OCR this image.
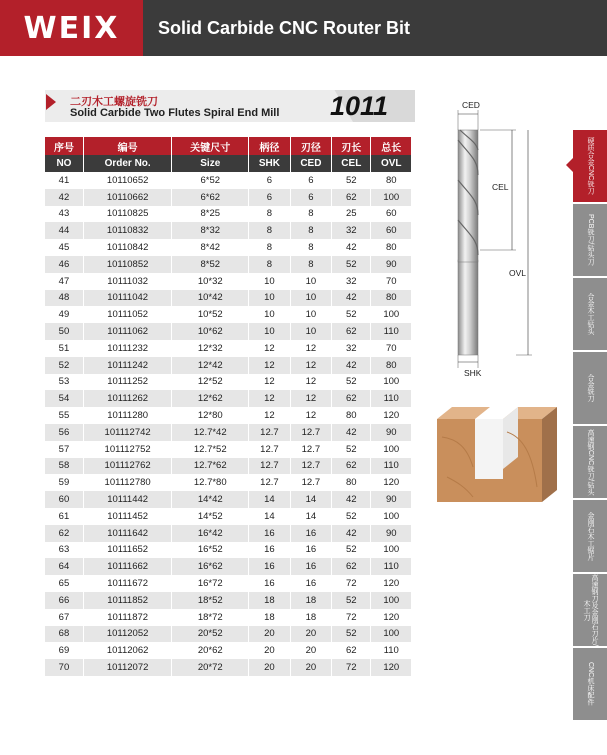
WEIX Solid Carbide CNC Router Bit
二刃木工螺旋铣刀
Solid Carbide Two Flutes Spiral End Mill 1011
序号	编号	关键尺寸	柄径	刃径	刃长	总长
NO	Order No.	Size	SHK	CED	CEL	OVL
41	10110652	6*52	6	6	52	80
42	10110662	6*62	6	6	62	100
43	10110825	8*25	8	8	25	60
44	10110832	8*32	8	8	32	60
45	10110842	8*42	8	8	42	80
46	10110852	8*52	8	8	52	90
47	10111032	10*32	10	10	32	70
48	10111042	10*42	10	10	42	80
49	10111052	10*52	10	10	52	100
50	10111062	10*62	10	10	62	110
51	10111232	12*32	12	12	32	70
52	10111242	12*42	12	12	42	80
53	10111252	12*52	12	12	52	100
54	10111262	12*62	12	12	62	110
55	10111280	12*80	12	12	80	120
56	101112742	12.7*42	12.7	12.7	42	90
57	101112752	12.7*52	12.7	12.7	52	100
58	101112762	12.7*62	12.7	12.7	62	110
59	101112780	12.7*80	12.7	12.7	80	120
60	10111442	14*42	14	14	42	90
61	10111452	14*52	14	14	52	100
62	10111642	16*42	16	16	42	90
63	10111652	16*52	16	16	52	100
64	10111662	16*62	16	16	62	110
65	10111672	16*72	16	16	72	120
66	10111852	18*52	18	18	52	100
67	10111872	18*72	18	18	72	120
68	10112052	20*52	20	20	52	100
69	10112062	20*62	20	20	62	110
70	10112072	20*72	20	20	72	120
CED
CEL
OVL
SHK
硬质合金CNC铣刀
PCB铣刀/钻头刀
合金木工钻头
合金铣刀
高速钢CNC铣刀/钻头
金刚石木工锯片
高速钢刀及金刚石刀片/木工刀
CNC机床配件
